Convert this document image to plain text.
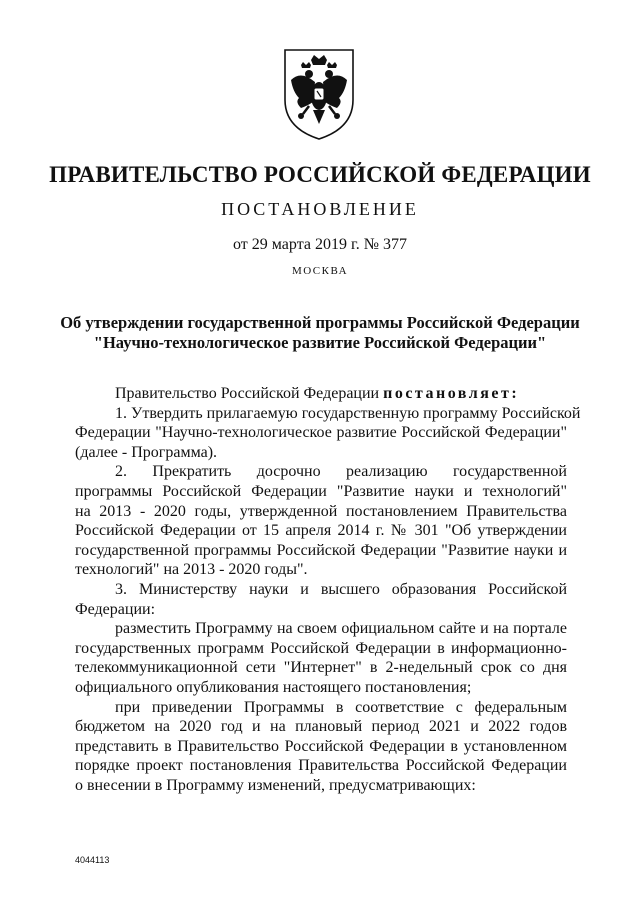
ПРАВИТЕЛЬСТВО РОССИЙСКОЙ ФЕДЕРАЦИИ
ПОСТАНОВЛЕНИЕ
от 29 марта 2019 г. № 377
МОСКВА
Об утверждении государственной программы Российской Федерации
"Научно-технологическое развитие Российской Федерации"
Правительство Российской Федерации постановляет:
1. Утвердить прилагаемую государственную программу Российской
Федерации "Научно-технологическое развитие Российской Федерации"
(далее - Программа).
2. Прекратить досрочно реализацию государственной
программы Российской Федерации "Развитие науки и технологий"
на 2013 - 2020 годы, утвержденной постановлением Правительства
Российской Федерации от 15 апреля 2014 г. № 301 "Об утверждении
государственной программы Российской Федерации "Развитие науки и
технологий" на 2013 - 2020 годы".
3. Министерству науки и высшего образования Российской
Федерации:
разместить Программу на своем официальном сайте и на портале
государственных программ Российской Федерации в информационно-
телекоммуникационной сети "Интернет" в 2-недельный срок со дня
официального опубликования настоящего постановления;
при приведении Программы в соответствие с федеральным
бюджетом на 2020 год и на плановый период 2021 и 2022 годов
представить в Правительство Российской Федерации в установленном
порядке проект постановления Правительства Российской Федерации
о внесении в Программу изменений, предусматривающих:
4044113
